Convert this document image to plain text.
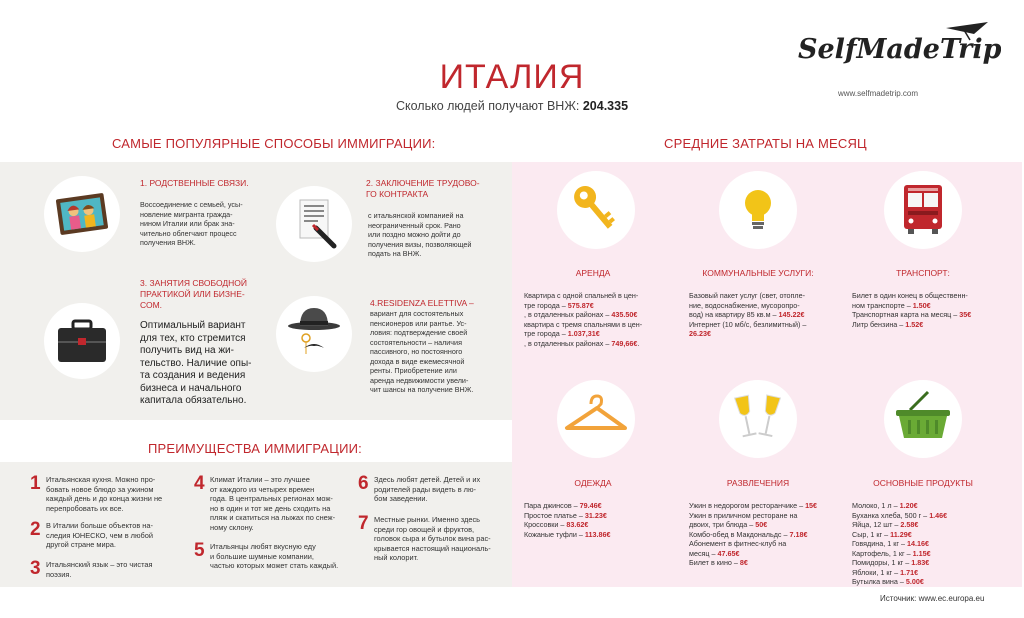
ИТАЛИЯ
Сколько людей получают ВНЖ: 204.335
SelfMadeTrip
www.selfmadetrip.com
САМЫЕ ПОПУЛЯРНЫЕ СПОСОБЫ ИММИГРАЦИИ:	СРЕДНИЕ ЗАТРАТЫ НА МЕСЯЦ
ПРЕИМУЩЕСТВА ИММИГРАЦИИ:
1. РОДСТВЕННЫЕ СВЯЗИ.
Воссоединение с семьей, усы-
новление мигранта гражда-
нином Италии или брак зна-
чительно облегчают процесс
получения ВНЖ.
2. ЗАКЛЮЧЕНИЕ ТРУДОВО-
ГО КОНТРАКТА
с итальянской компанией на
неограниченный срок. Рано
или поздно можно дойти до
получения визы, позволяющей
подать на ВНЖ.
3. ЗАНЯТИЯ СВОБОДНОЙ
ПРАКТИКОЙ ИЛИ БИЗНЕ-
СОМ.
Оптимальный вариант
для тех, кто стремится
получить вид на жи-
тельство. Наличие опы-
та создания и ведения
бизнеса и начального
капитала обязательно.
4.RESIDENZA ELETTIVA –
вариант для состоятельных
пенсионеров или рантье. Ус-
ловия: подтверждение своей
состоятельности – наличия
пассивного, но постоянного
дохода в виде ежемесячной
ренты. Приобретение или
аренда недвижимости увели-
чит шансы на получение ВНЖ.
1 Итальянская кухня. Можно про-
бовать новое блюдо за ужином
каждый день и до конца жизни не
перепробовать их все.
2 В Италии больше объектов на-
следия ЮНЕСКО, чем в любой
другой стране мира.
3 Итальянский язык – это чистая
поэзия.
4 Климат Италии – это лучшее
от каждого из четырех времен
года. В центральных регионах мож-
но в один и тот же день сходить на
пляж и скатиться на лыжах по снеж-
ному склону.
5 Итальянцы любят вкусную еду
и большие шумные компании,
частью которых может стать каждый.
6 Здесь любят детей. Детей и их
родителей рады видеть в лю-
бом заведении.
7 Местные рынки. Именно здесь
среди гор овощей и фруктов,
головок сыра и бутылок вина рас-
крывается настоящий националь-
ный колорит.
АРЕНДА	КОММУНАЛЬНЫЕ УСЛУГИ:	ТРАНСПОРТ:
ОДЕЖДА	РАЗВЛЕЧЕНИЯ	ОСНОВНЫЕ ПРОДУКТЫ
Квартира с одной спальней в цен-
тре города – 575.87€
, в отдаленных районах – 435.50€
квартира с тремя спальнями в цен-
тре города – 1.037,31€
, в отдаленных районах – 749,66€.
Базовый пакет услуг (свет, отопле-
ние, водоснабжение, мусоропро-
вод) на квартиру 85 кв.м – 145.22€
Интернет (10 мб/с, безлимитный) –
26.23€
Билет в один конец в общественн-
ном транспорте – 1.50€
Транспортная карта на месяц – 35€
Литр бензина – 1.52€
Пара джинсов – 79.46€
Простое платье – 31.23€
Кроссовки – 83.62€
Кожаные туфли – 113.86€
Ужин в недорогом ресторанчике – 15€
Ужин в приличном ресторане на
двоих, три блюда – 50€
Комбо-обед в Макдональдс – 7.18€
Абонемент в фитнес-клуб на
месяц – 47.65€
Билет в кино – 8€
Молоко, 1 л – 1.20€
Буханка хлеба, 500 г – 1.46€
Яйца, 12 шт – 2.58€
Сыр, 1 кг – 11.29€
Говядина, 1 кг – 14.16€
Картофель, 1 кг – 1.15€
Помидоры, 1 кг – 1.83€
Яблоки, 1 кг – 1.71€
Бутылка вина – 5.00€
Источник: www.ec.europa.eu
